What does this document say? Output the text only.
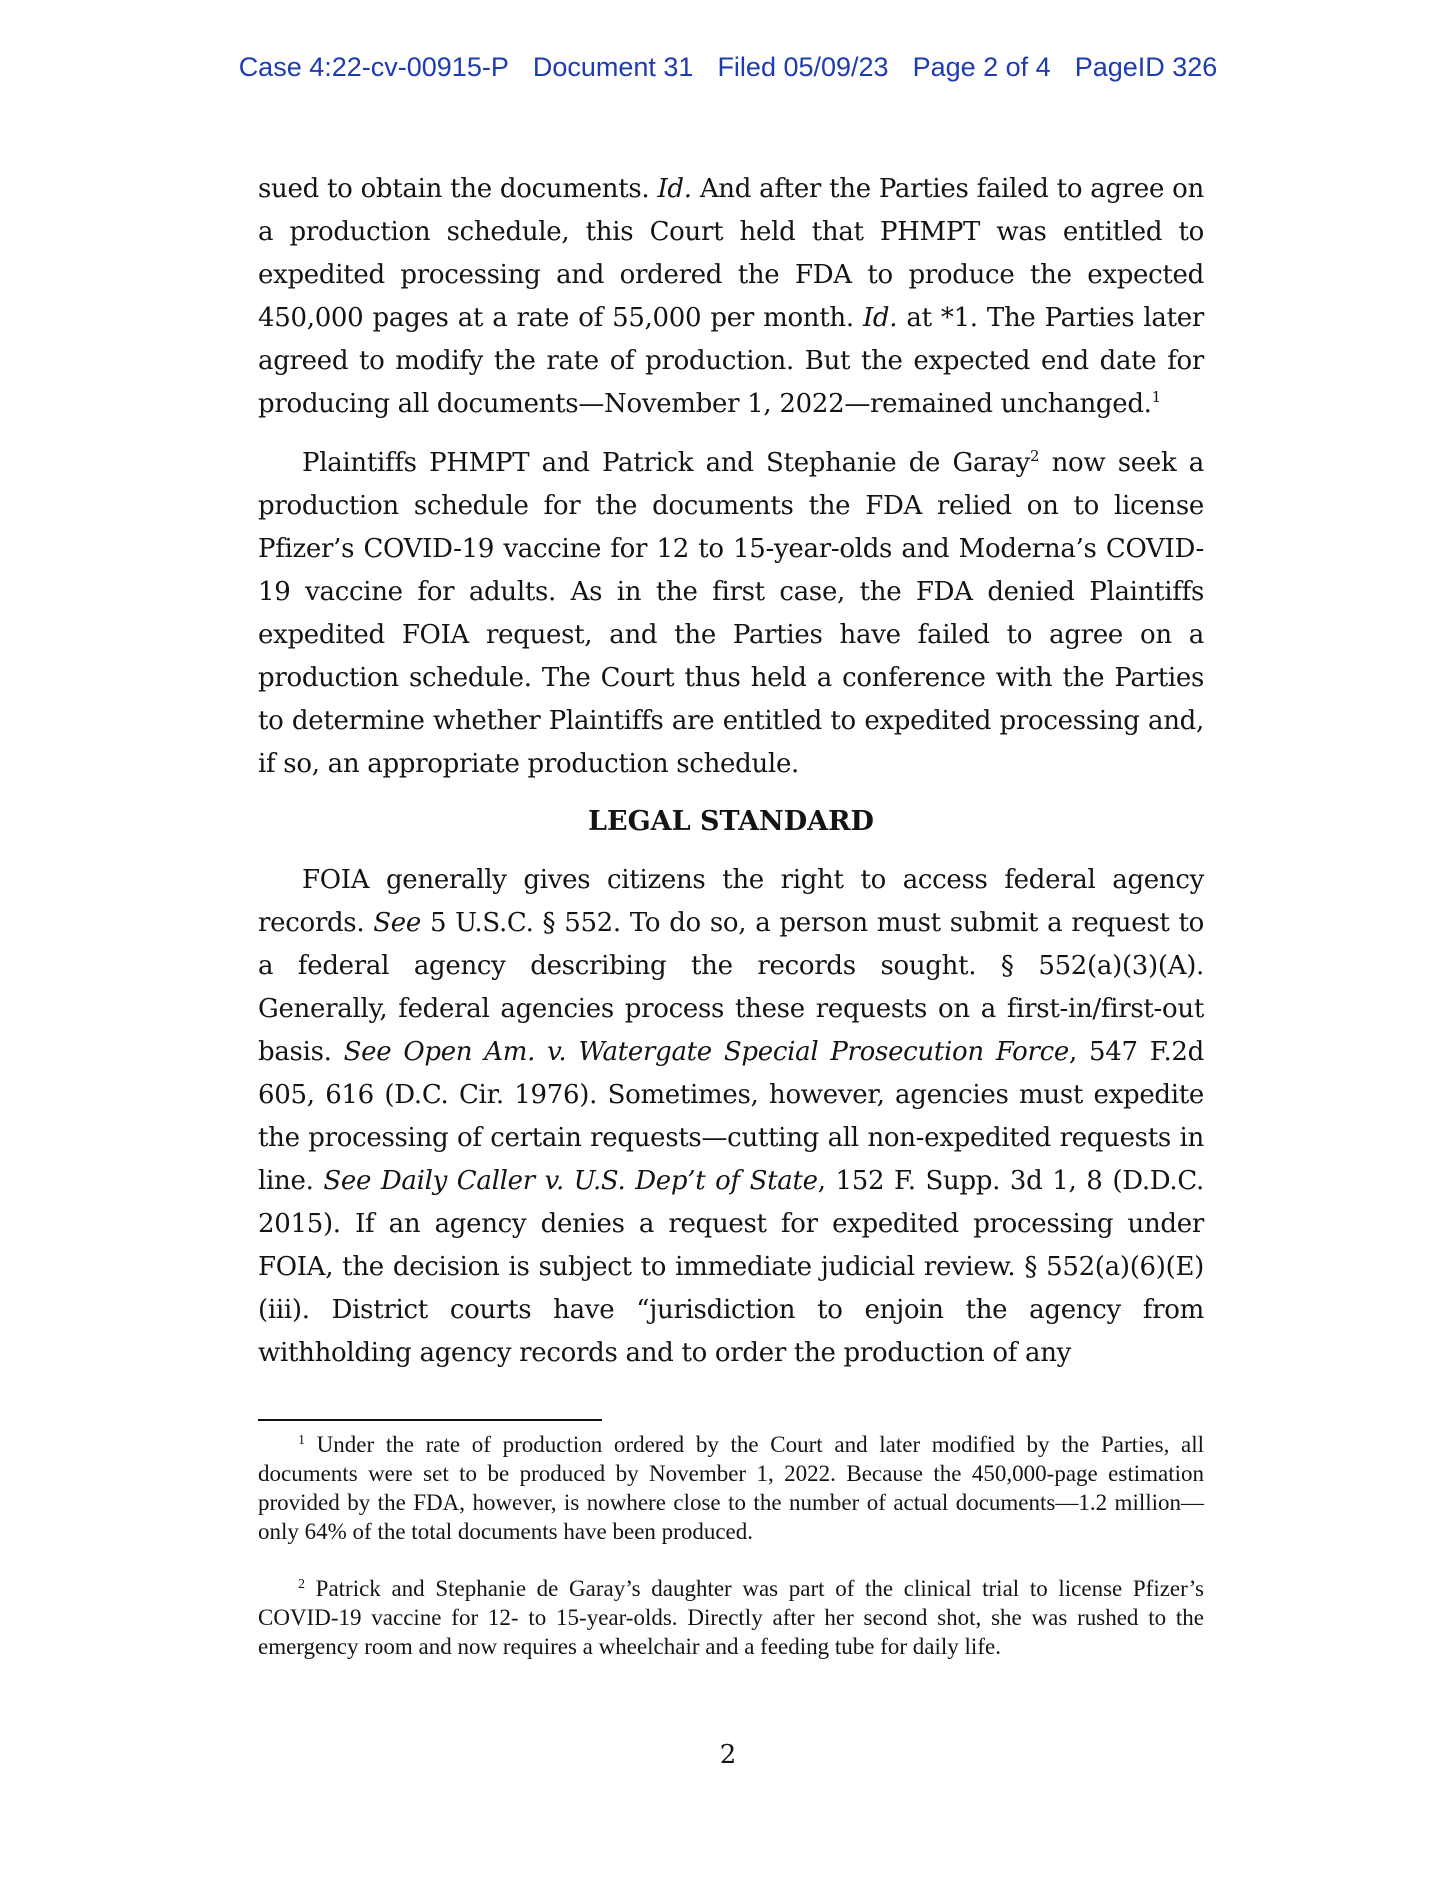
Case 4:22-cv-00915-P Document 31 Filed 05/09/23 Page 2 of 4 PageID 326

sued to obtain the documents. Id. And after the Parties failed to agree on a production schedule, this Court held that PHMPT was entitled to expedited processing and ordered the FDA to produce the expected 450,000 pages at a rate of 55,000 per month. Id. at *1. The Parties later agreed to modify the rate of production. But the expected end date for producing all documents—November 1, 2022—remained unchanged.$^1$

Plaintiffs PHMPT and Patrick and Stephanie de Garay$^2$ now seek a production schedule for the documents the FDA relied on to license Pfizer’s COVID-19 vaccine for 12 to 15-year-olds and Moderna’s COVID-19 vaccine for adults. As in the first case, the FDA denied Plaintiffs expedited FOIA request, and the Parties have failed to agree on a production schedule. The Court thus held a conference with the Parties to determine whether Plaintiffs are entitled to expedited processing and, if so, an appropriate production schedule.

LEGAL STANDARD

FOIA generally gives citizens the right to access federal agency records. See 5 U.S.C. § 552. To do so, a person must submit a request to a federal agency describing the records sought. § 552(a)(3)(A). Generally, federal agencies process these requests on a first-in/first-out basis. See Open Am. v. Watergate Special Prosecution Force, 547 F.2d 605, 616 (D.C. Cir. 1976). Sometimes, however, agencies must expedite the processing of certain requests—cutting all non-expedited requests in line. See Daily Caller v. U.S. Dep’t of State, 152 F. Supp. 3d 1, 8 (D.D.C. 2015). If an agency denies a request for expedited processing under FOIA, the decision is subject to immediate judicial review. § 552(a)(6)(E)(iii). District courts have “jurisdiction to enjoin the agency from withholding agency records and to order the production of any

$^1$ Under the rate of production ordered by the Court and later modified by the Parties, all documents were set to be produced by November 1, 2022. Because the 450,000-page estimation provided by the FDA, however, is nowhere close to the number of actual documents—1.2 million—only 64% of the total documents have been produced.

$^2$ Patrick and Stephanie de Garay’s daughter was part of the clinical trial to license Pfizer’s COVID-19 vaccine for 12- to 15-year-olds. Directly after her second shot, she was rushed to the emergency room and now requires a wheelchair and a feeding tube for daily life.

2
